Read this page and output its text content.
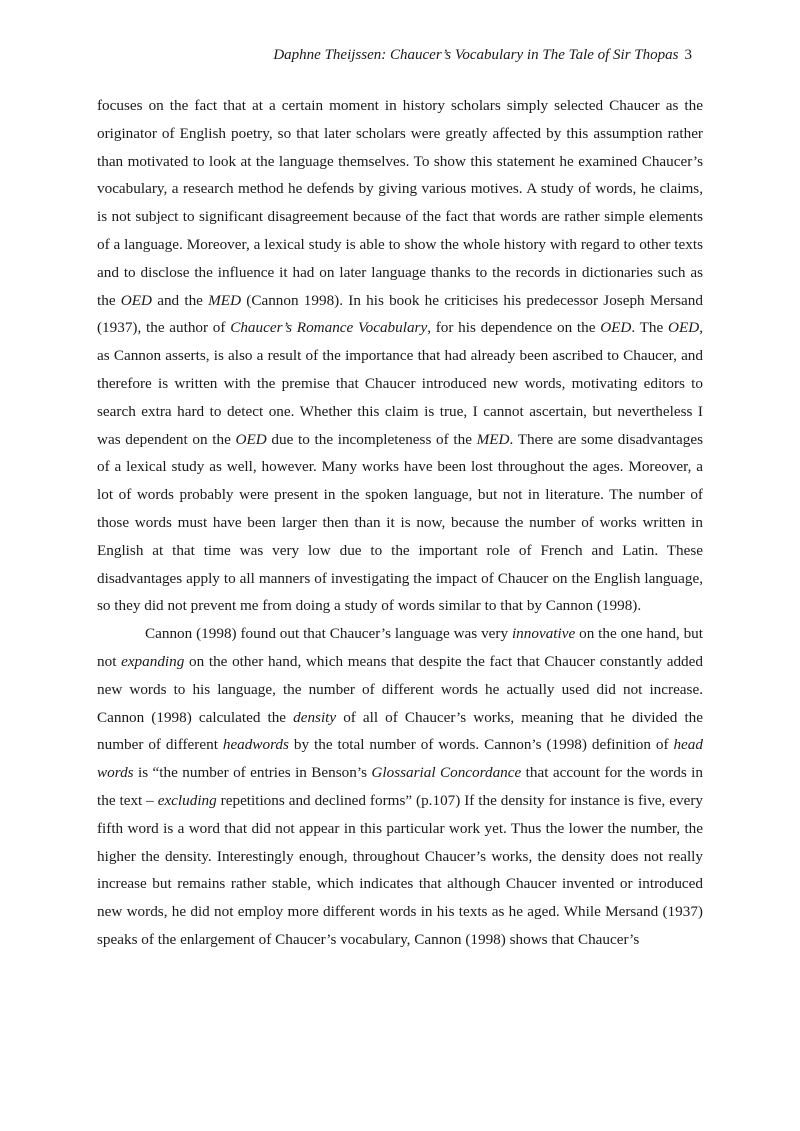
Daphne Theijssen: Chaucer’s Vocabulary in The Tale of Sir Thopas 3

focuses on the fact that at a certain moment in history scholars simply selected Chaucer as the originator of English poetry, so that later scholars were greatly affected by this assumption rather than motivated to look at the language themselves. To show this statement he examined Chaucer’s vocabulary, a research method he defends by giving various motives. A study of words, he claims, is not subject to significant disagreement because of the fact that words are rather simple elements of a language. Moreover, a lexical study is able to show the whole history with regard to other texts and to disclose the influence it had on later language thanks to the records in dictionaries such as the OED and the MED (Cannon 1998). In his book he criticises his predecessor Joseph Mersand (1937), the author of Chaucer’s Romance Vocabulary, for his dependence on the OED. The OED, as Cannon asserts, is also a result of the importance that had already been ascribed to Chaucer, and therefore is written with the premise that Chaucer introduced new words, motivating editors to search extra hard to detect one. Whether this claim is true, I cannot ascertain, but nevertheless I was dependent on the OED due to the incompleteness of the MED. There are some disadvantages of a lexical study as well, however. Many works have been lost throughout the ages. Moreover, a lot of words probably were present in the spoken language, but not in literature. The number of those words must have been larger then than it is now, because the number of works written in English at that time was very low due to the important role of French and Latin. These disadvantages apply to all manners of investigating the impact of Chaucer on the English language, so they did not prevent me from doing a study of words similar to that by Cannon (1998).

Cannon (1998) found out that Chaucer’s language was very innovative on the one hand, but not expanding on the other hand, which means that despite the fact that Chaucer constantly added new words to his language, the number of different words he actually used did not increase. Cannon (1998) calculated the density of all of Chaucer’s works, meaning that he divided the number of different headwords by the total number of words. Cannon’s (1998) definition of head words is “the number of entries in Benson’s Glossarial Concordance that account for the words in the text – excluding repetitions and declined forms” (p.107) If the density for instance is five, every fifth word is a word that did not appear in this particular work yet. Thus the lower the number, the higher the density. Interestingly enough, throughout Chaucer’s works, the density does not really increase but remains rather stable, which indicates that although Chaucer invented or introduced new words, he did not employ more different words in his texts as he aged. While Mersand (1937) speaks of the enlargement of Chaucer’s vocabulary, Cannon (1998) shows that Chaucer’s
